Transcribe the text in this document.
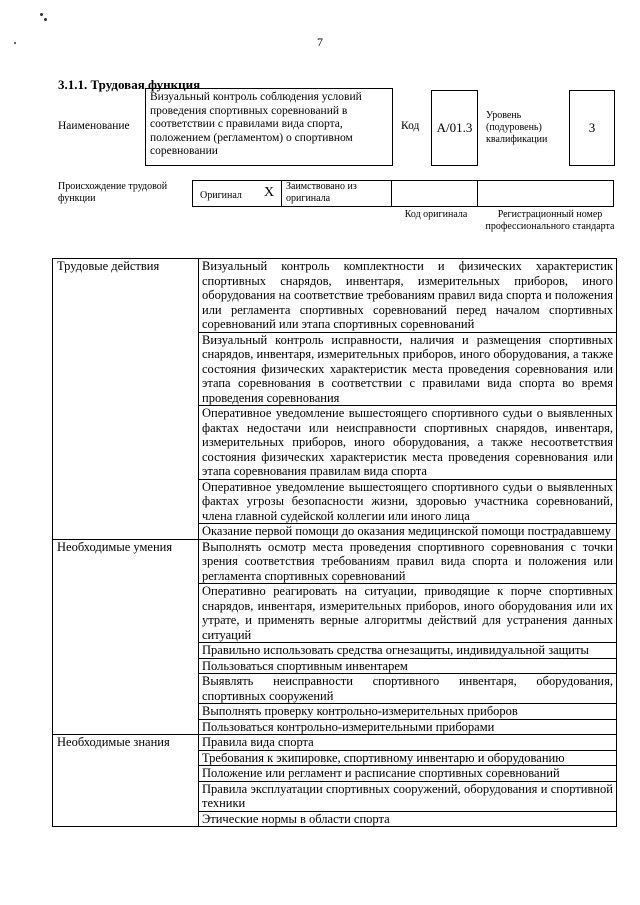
7
3.1.1. Трудовая функция
Наименование
Визуальный контроль соблюдения условий проведения спортивных соревнований в соответствии с правилами вида спорта, положением (регламентом) о спортивном соревновании
Код A/01.3
Уровень (подуровень) квалификации
3
Происхождение трудовой функции	Оригинал X Заимствовано из оригинала
Код оригинала	Регистрационный номер профессионального стандарта
Трудовые действия	Визуальный контроль комплектности и физических характеристик спортивных снарядов, инвентаря, измерительных приборов, иного оборудования на соответствие требованиям правил вида спорта и положения или регламента спортивных соревнований перед началом спортивных соревнований или этапа спортивных соревнований
	Визуальный контроль исправности, наличия и размещения спортивных снарядов, инвентаря, измерительных приборов, иного оборудования, а также состояния физических характеристик места проведения соревнования или этапа соревнования в соответствии с правилами вида спорта во время проведения соревнования
	Оперативное уведомление вышестоящего спортивного судьи о выявленных фактах недостачи или неисправности спортивных снарядов, инвентаря, измерительных приборов, иного оборудования, а также несоответствия состояния физических характеристик места проведения соревнования или этапа соревнования правилам вида спорта
	Оперативное уведомление вышестоящего спортивного судьи о выявленных фактах угрозы безопасности жизни, здоровью участника соревнований, члена главной судейской коллегии или иного лица
	Оказание первой помощи до оказания медицинской помощи пострадавшему
Необходимые умения	Выполнять осмотр места проведения спортивного соревнования с точки зрения соответствия требованиям правил вида спорта и положения или регламента спортивных соревнований
	Оперативно реагировать на ситуации, приводящие к порче спортивных снарядов, инвентаря, измерительных приборов, иного оборудования или их утрате, и применять верные алгоритмы действий для устранения данных ситуаций
	Правильно использовать средства огнезащиты, индивидуальной защиты
	Пользоваться спортивным инвентарем
	Выявлять неисправности спортивного инвентаря, оборудования, спортивных сооружений
	Выполнять проверку контрольно-измерительных приборов
	Пользоваться контрольно-измерительными приборами
Необходимые знания	Правила вида спорта
	Требования к экипировке, спортивному инвентарю и оборудованию
	Положение или регламент и расписание спортивных соревнований
	Правила эксплуатации спортивных сооружений, оборудования и спортивной техники
	Этические нормы в области спорта
